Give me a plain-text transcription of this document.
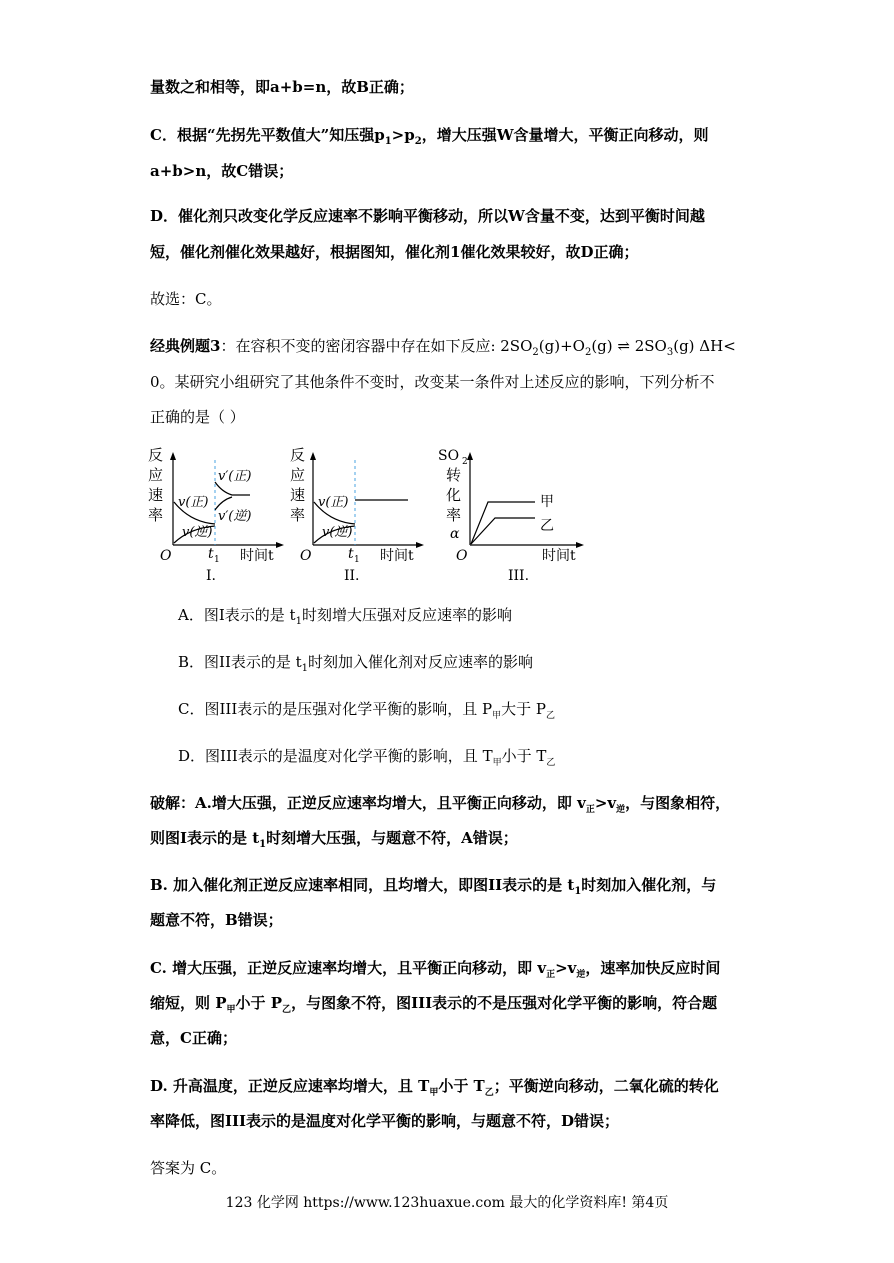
量数之和相等，即a+b=n，故B正确；
C．根据“先拐先平数值大”知压强$p_1>p_2$，增大压强W含量增大，平衡正向移动，则
a+b>n，故C错误；
D．催化剂只改变化学反应速率不影响平衡移动，所以W含量不变，达到平衡时间越
短，催化剂催化效果越好，根据图知，催化剂1催化效果较好，故D正确；
故选：C。
经典例题3：在容积不变的密闭容器中存在如下反应: $2SO_2(g)+O_2(g)$ ⇌ $2SO_3(g)$ ΔH<
0。某研究小组研究了其他条件不变时，改变某一条件对上述反应的影响，下列分析不
正确的是（ ）
反
应
速
率
v(正)
v(逆)
v′(正)
v′(逆)
O	t 1 时间t
I.
反
应
速
率
v(正)
v(逆)
O	t 1 时间t
II.
SO 2
转
化
率
α
甲
乙
O	时间t
III.
A．图I表示的是 $t_1$时刻增大压强对反应速率的影响
B．图II表示的是 $t_1$时刻加入催化剂对反应速率的影响
C．图III表示的是压强对化学平衡的影响，且 $P_甲$大于 $P_乙$
D．图III表示的是温度对化学平衡的影响，且 $T_甲$小于 $T_乙$
破解：A.增大压强，正逆反应速率均增大，且平衡正向移动，即 $v_正>v_逆$，与图象相符，
则图I表示的是 $t_1$时刻增大压强，与题意不符，A错误；
B. 加入催化剂正逆反应速率相同，且均增大，即图II表示的是 $t_1$时刻加入催化剂，与
题意不符，B错误；
C. 增大压强，正逆反应速率均增大，且平衡正向移动，即 $v_正>v_逆$，速率加快反应时间
缩短，则 $P_甲$小于 $P_乙$，与图象不符，图III表示的不是压强对化学平衡的影响，符合题
意，C正确；
D. 升高温度，正逆反应速率均增大，且 $T_甲$小于 $T_乙$；平衡逆向移动，二氧化硫的转化
率降低，图III表示的是温度对化学平衡的影响，与题意不符，D错误；
答案为 C。
123 化学网 https://www.123huaxue.com 最大的化学资料库! 第4页
